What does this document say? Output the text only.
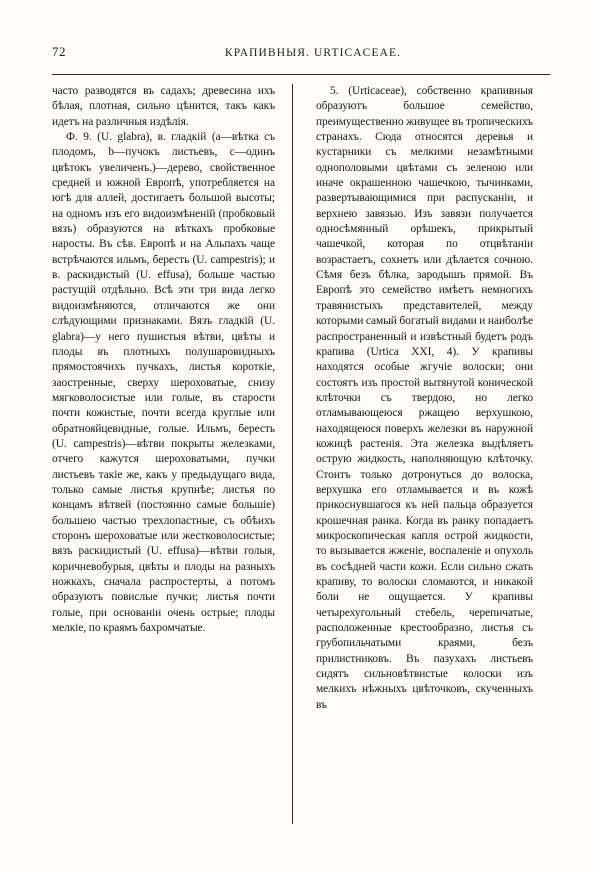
72	КРАПИВНЫЯ. URTICACEAE.

часто разводятся въ садахъ; древесина ихъ бѣлая, плотная, сильно цѣнится, такъ какъ идетъ на различныя издѣлія.

Ф. 9. (U. glabra), в. гладкій (a—вѣтка съ плодомъ, b—пучокъ листьевъ, c—одинъ цвѣтокъ увеличенъ.)—дерево, свойственное средней и южной Европѣ, употребляется на югѣ для аллей, достигаетъ большой высоты; на одномъ изъ его видоизмѣненій (пробковый вязъ) образуются на вѣткахъ пробковые наросты. Въ сѣв. Европѣ и на Альпахъ чаще встрѣчаются ильмъ, бересть (U. campestris); и в. раскидистый (U. effusa), больше частью растущій отдѣльно. Всѣ эти три вида легко видоизмѣняются, отличаются же они слѣдующими признаками. Вязъ гладкій (U. glabra)—у него пушистыя вѣтви, цвѣты и плоды въ плотныхъ полушаровидныхъ прямостоячихъ пучкахъ, листья короткіе, заостренные, сверху шероховатые, снизу мягковолосистые или голые, въ старости почти кожистые, почти всегда круглые или обратнояйцевидные, голые. Ильмъ, бересть (U. campestris)—вѣтви покрыты железками, отчего кажутся шероховатыми, пучки листьевъ такіе же, какъ у предыдущаго вида, только самые листья крупнѣе; листья по концамъ вѣтвей (постоянно самые большіе) большею частью трехлопастные, съ обѣихъ сторонъ шероховатые или жестковолосистые; вязъ раскидистый (U. effusa)—вѣтви голыя, коричневобурыя, цвѣты и плоды на разныхъ ножкахъ, сначала распростерты, а потомъ образуютъ повислые пучки; листья почти голые, при основаніи очень острые; плоды мелкіе, по краямъ бахромчатые.

5. (Urticaceae), собственно крапивныя образуютъ большое семейство, преимущественно живущее въ тропическихъ странахъ. Сюда относятся деревья и кустарники съ мелкими незамѣтными однополовыми цвѣтами съ зеленою или иначе окрашенною чашечкою, тычинками, развертывающимися при распусканіи, и верхнею завязью. Изъ завязи получается односѣмянный орѣшекъ, прикрытый чашечкой, которая по отцвѣтаніи возрастаетъ, сохнетъ или дѣлается сочною. Сѣмя безъ бѣлка, зародышъ прямой. Въ Европѣ это семейство имѣетъ немногихъ травянистыхъ представителей, между которыми самый богатый видами и наиболѣе распространенный и извѣстный будетъ родъ крапива (Urtica XXI, 4). У крапивы находятся особые жгучіе волоски; они состоятъ изъ простой вытянутой конической клѣточки съ твердою, но легко отламывающеюся ржащею верхушкою, находящеюся поверхъ железки въ наружной кожицѣ растенія. Эта железка выдѣляетъ острую жидкость, наполняющую клѣточку. Стоитъ только дотронуться до волоска, верхушка его отламывается и въ кожѣ прикоснувшагося къ ней пальца образуется крошечная ранка. Когда въ ранку попадаетъ микроскопическая капля острой жидкости, то вызывается жженіе, воспаленіе и опухоль въ сосѣдней части кожи. Если сильно сжать крапиву, то волоски сломаются, и никакой боли не ощущается. У крапивы четырехугольный стебель, черепичатые, расположенные крестообразно, листья съ грубопильчатыми краями, безъ прилистниковъ. Въ пазухахъ листьевъ сидятъ сильновѣтвистые колоски изъ мелкихъ нѣжныхъ цвѣточковъ, скученныхъ въ
